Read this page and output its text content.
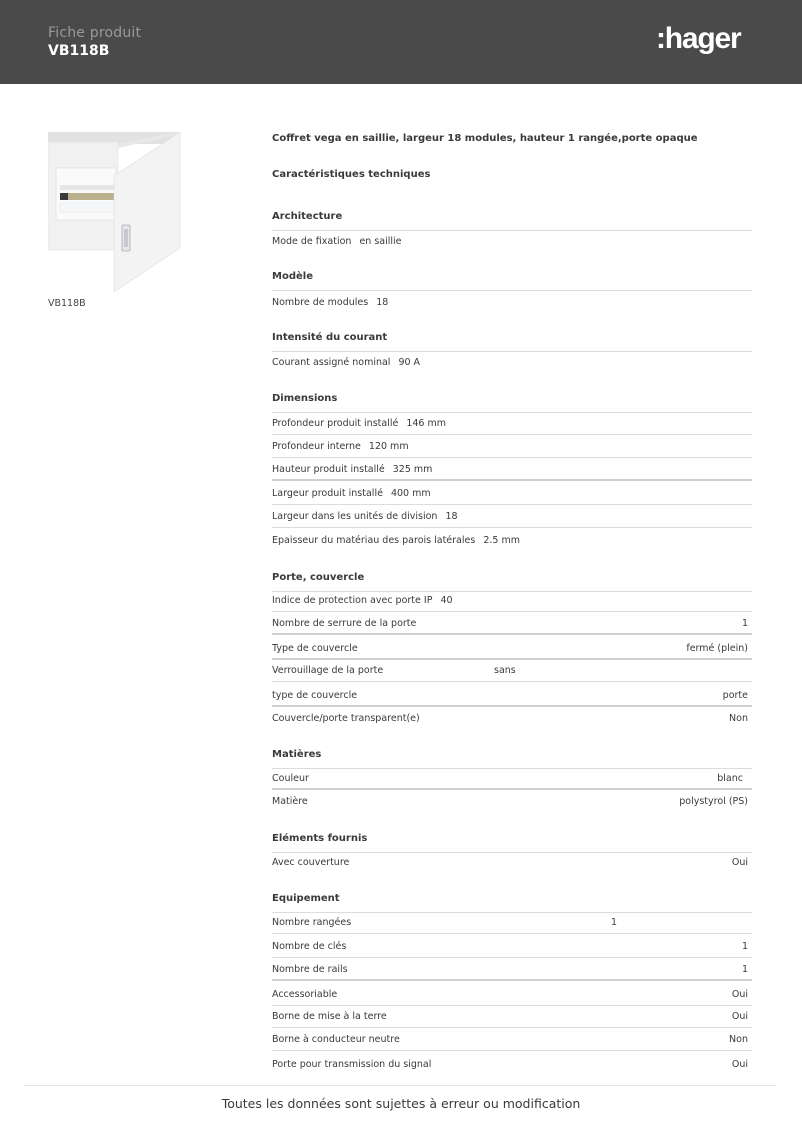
Fiche produit
VB118B	:hager
VB118B
Coffret vega en saillie, largeur 18 modules, hauteur 1 rangée,porte opaque
Caractéristiques techniques
Architecture
Mode de fixation en saillie
Modèle
Nombre de modules 18
Intensité du courant
Courant assigné nominal 90 A
Dimensions
Profondeur produit installé 146 mm
Profondeur interne 120 mm
Hauteur produit installé 325 mm
Largeur produit installé 400 mm
Largeur dans les unités de division 18
Epaisseur du matériau des parois latérales 2.5 mm
Porte, couvercle
Indice de protection avec porte IP 40
Nombre de serrure de la porte	1
Type de couvercle	fermé (plein)
Verrouillage de la porte	sans
type de couvercle	porte
Couvercle/porte transparent(e)	Non
Matières
Couleur	blanc
Matière	polystyrol (PS)
Eléments fournis
Avec couverture	Oui
Equipement
Nombre rangées	1
Nombre de clés	1
Nombre de rails	1
Accessoriable	Oui
Borne de mise à la terre	Oui
Borne à conducteur neutre	Non
Porte pour transmission du signal	Oui
Toutes les données sont sujettes à erreur ou modification
